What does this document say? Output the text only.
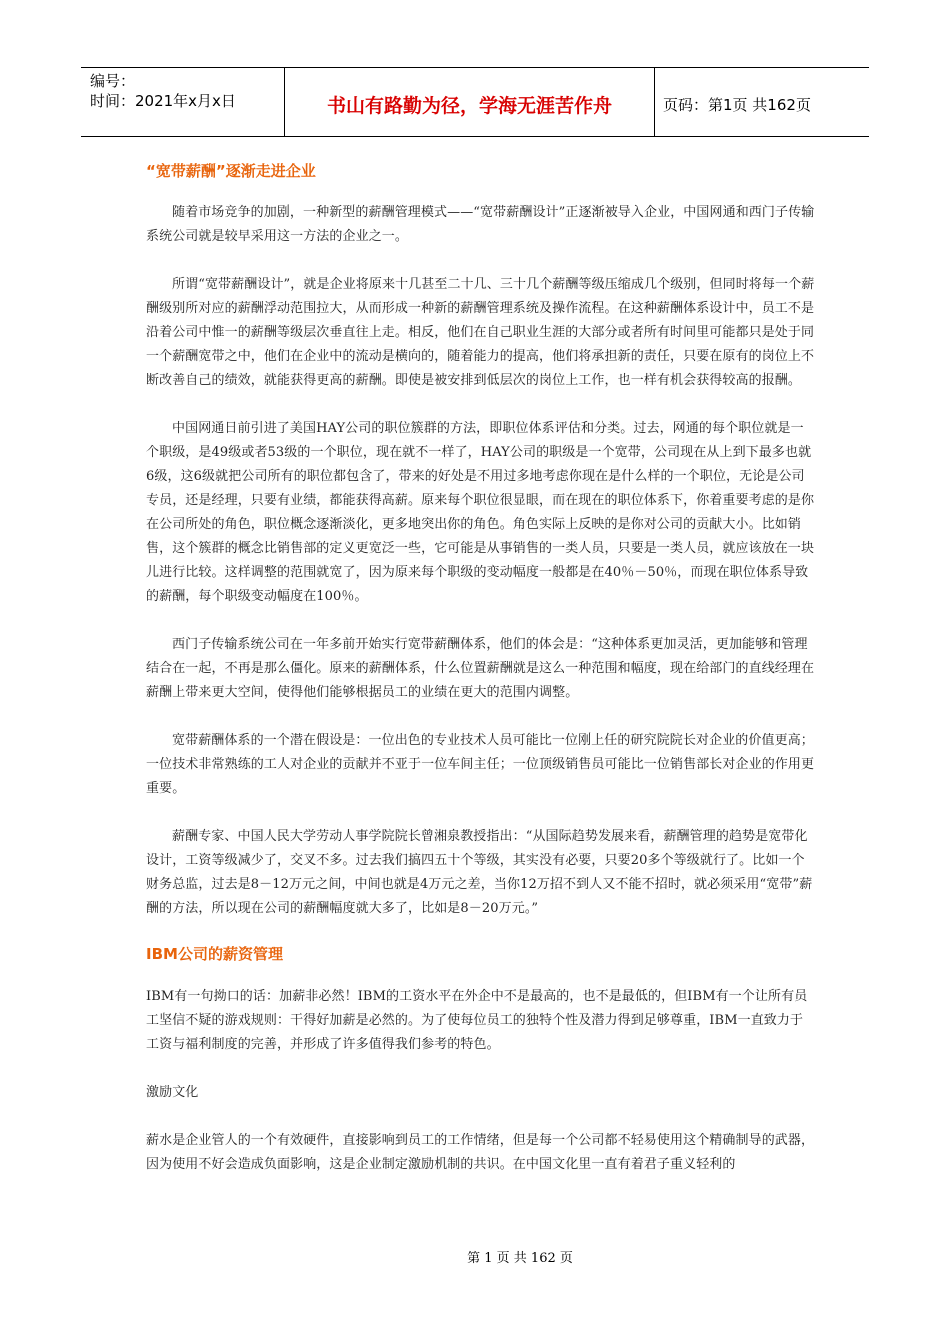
编号：
时间：2021年x月x日	书山有路勤为径，学海无涯苦作舟	页码：第1页 共162页
“宽带薪酬”逐渐走进企业

随着市场竞争的加剧，一种新型的薪酬管理模式——“宽带薪酬设计”正逐渐被导入企业，中国网通和西门子传输系统公司就是较早采用这一方法的企业之一。

所谓“宽带薪酬设计”，就是企业将原来十几甚至二十几、三十几个薪酬等级压缩成几个级别，但同时将每一个薪酬级别所对应的薪酬浮动范围拉大，从而形成一种新的薪酬管理系统及操作流程。在这种薪酬体系设计中，员工不是沿着公司中惟一的薪酬等级层次垂直往上走。相反，他们在自己职业生涯的大部分或者所有时间里可能都只是处于同一个薪酬宽带之中，他们在企业中的流动是横向的，随着能力的提高，他们将承担新的责任，只要在原有的岗位上不断改善自己的绩效，就能获得更高的薪酬。即使是被安排到低层次的岗位上工作，也一样有机会获得较高的报酬。

中国网通日前引进了美国HAY公司的职位簇群的方法，即职位体系评估和分类。过去，网通的每个职位就是一个职级，是49级或者53级的一个职位，现在就不一样了，HAY公司的职级是一个宽带，公司现在从上到下最多也就6级，这6级就把公司所有的职位都包含了，带来的好处是不用过多地考虑你现在是什么样的一个职位，无论是公司专员，还是经理，只要有业绩，都能获得高薪。原来每个职位很显眼，而在现在的职位体系下，你着重要考虑的是你在公司所处的角色，职位概念逐渐淡化，更多地突出你的角色。角色实际上反映的是你对公司的贡献大小。比如销售，这个簇群的概念比销售部的定义更宽泛一些，它可能是从事销售的一类人员，只要是一类人员，就应该放在一块儿进行比较。这样调整的范围就宽了，因为原来每个职级的变动幅度一般都是在40％－50％，而现在职位体系导致的薪酬，每个职级变动幅度在100％。

西门子传输系统公司在一年多前开始实行宽带薪酬体系，他们的体会是：“这种体系更加灵活，更加能够和管理结合在一起，不再是那么僵化。原来的薪酬体系，什么位置薪酬就是这么一种范围和幅度，现在给部门的直线经理在薪酬上带来更大空间，使得他们能够根据员工的业绩在更大的范围内调整。

宽带薪酬体系的一个潜在假设是：一位出色的专业技术人员可能比一位刚上任的研究院院长对企业的价值更高；一位技术非常熟练的工人对企业的贡献并不亚于一位车间主任；一位顶级销售员可能比一位销售部长对企业的作用更重要。

薪酬专家、中国人民大学劳动人事学院院长曾湘泉教授指出：“从国际趋势发展来看，薪酬管理的趋势是宽带化设计，工资等级减少了，交叉不多。过去我们搞四五十个等级，其实没有必要，只要20多个等级就行了。比如一个财务总监，过去是8－12万元之间，中间也就是4万元之差，当你12万招不到人又不能不招时，就必须采用“宽带”薪酬的方法，所以现在公司的薪酬幅度就大多了，比如是8－20万元。”

IBM公司的薪资管理

IBM有一句拗口的话：加薪非必然！IBM的工资水平在外企中不是最高的，也不是最低的，但IBM有一个让所有员工坚信不疑的游戏规则：干得好加薪是必然的。为了使每位员工的独特个性及潜力得到足够尊重，IBM一直致力于工资与福利制度的完善，并形成了许多值得我们参考的特色。

激励文化

薪水是企业管人的一个有效硬件，直接影响到员工的工作情绪，但是每一个公司都不轻易使用这个精确制导的武器，因为使用不好会造成负面影响，这是企业制定激励机制的共识。在中国文化里一直有着君子重义轻利的

第 1 页 共 162 页
